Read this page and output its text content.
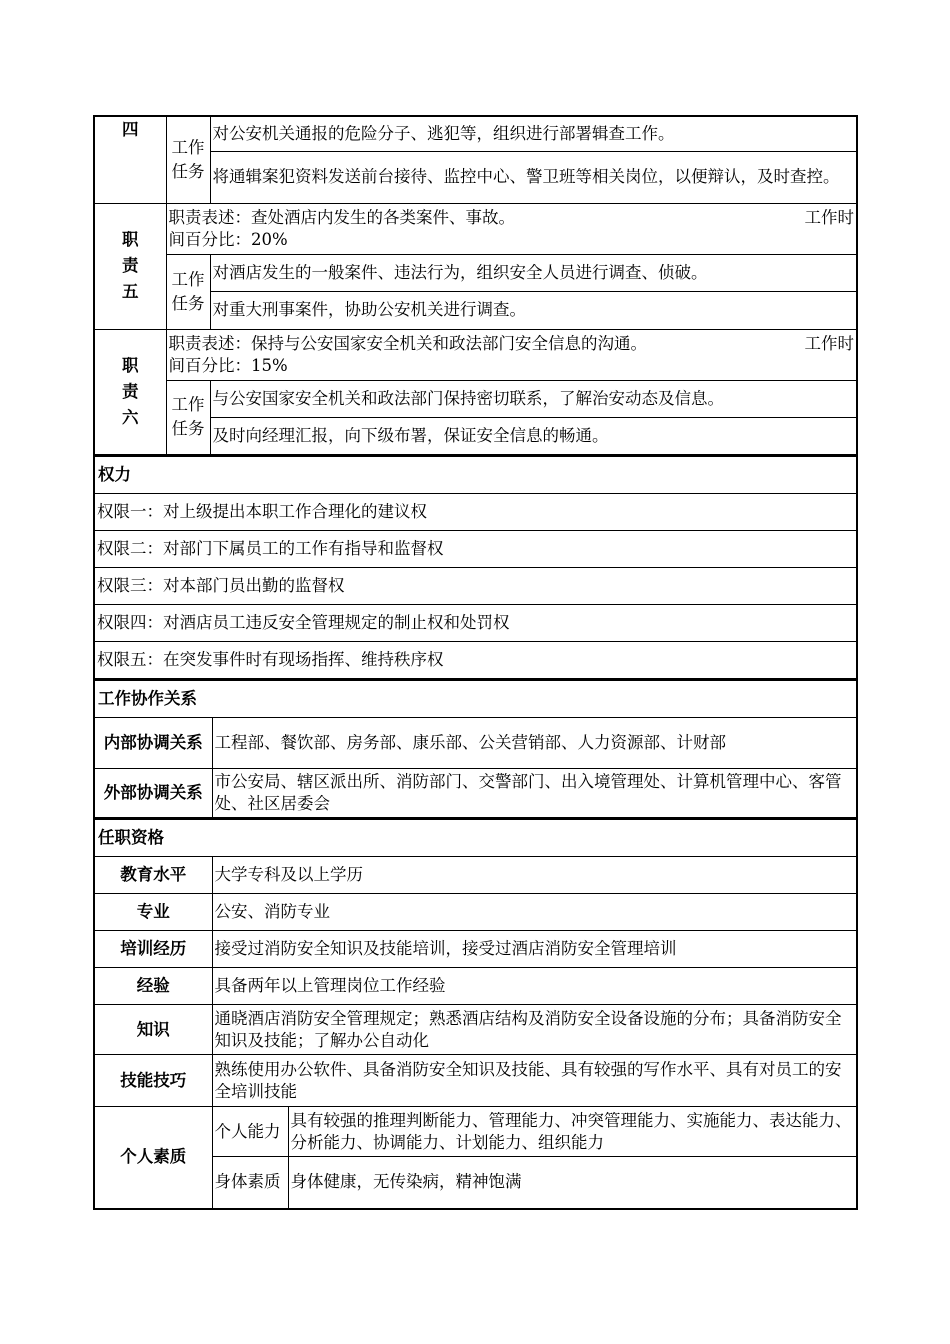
四	工作任务	对公安机关通报的危险分子、逃犯等，组织进行部署辑查工作。
		将通辑案犯资料发送前台接待、监控中心、警卫班等相关岗位，以便辩认，及时查控。
职责五	职责表述：查处酒店内发生的各类案件、事故。 工作时
间百分比：20%	

	工作任务	对酒店发生的一般案件、违法行为，组织安全人员进行调查、侦破。
		对重大刑事案件，协助公安机关进行调查。
职责六	职责表述：保持与公安国家安全机关和政法部门安全信息的沟通。 工作时
间百分比：15%	

	工作任务	与公安国家安全机关和政法部门保持密切联系，了解治安动态及信息。
		及时向经理汇报，向下级布署，保证安全信息的畅通。
权力
权限一：对上级提出本职工作合理化的建议权
权限二：对部门下属员工的工作有指导和监督权
权限三：对本部门员出勤的监督权
权限四：对酒店员工违反安全管理规定的制止权和处罚权
权限五：在突发事件时有现场指挥、维持秩序权
工作协作关系	
内部协调关系	工程部、餐饮部、房务部、康乐部、公关营销部、人力资源部、计财部
外部协调关系	市公安局、辖区派出所、消防部门、交警部门、出入境管理处、计算机管理中心、客管处、社区居委会
任职资格		
教育水平	大学专科及以上学历	
专业	公安、消防专业	
培训经历	接受过消防安全知识及技能培训，接受过酒店消防安全管理培训	
经验	具备两年以上管理岗位工作经验	
知识	通晓酒店消防安全管理规定；熟悉酒店结构及消防安全设备设施的分布；具备消防安全知识及技能；了解办公自动化	
技能技巧	熟练使用办公软件、具备消防安全知识及技能、具有较强的写作水平、具有对员工的安全培训技能	
个人素质	个人能力	具有较强的推理判断能力、管理能力、冲突管理能力、实施能力、表达能力、分析能力、协调能力、计划能力、组织能力
	身体素质	身体健康，无传染病，精神饱满
